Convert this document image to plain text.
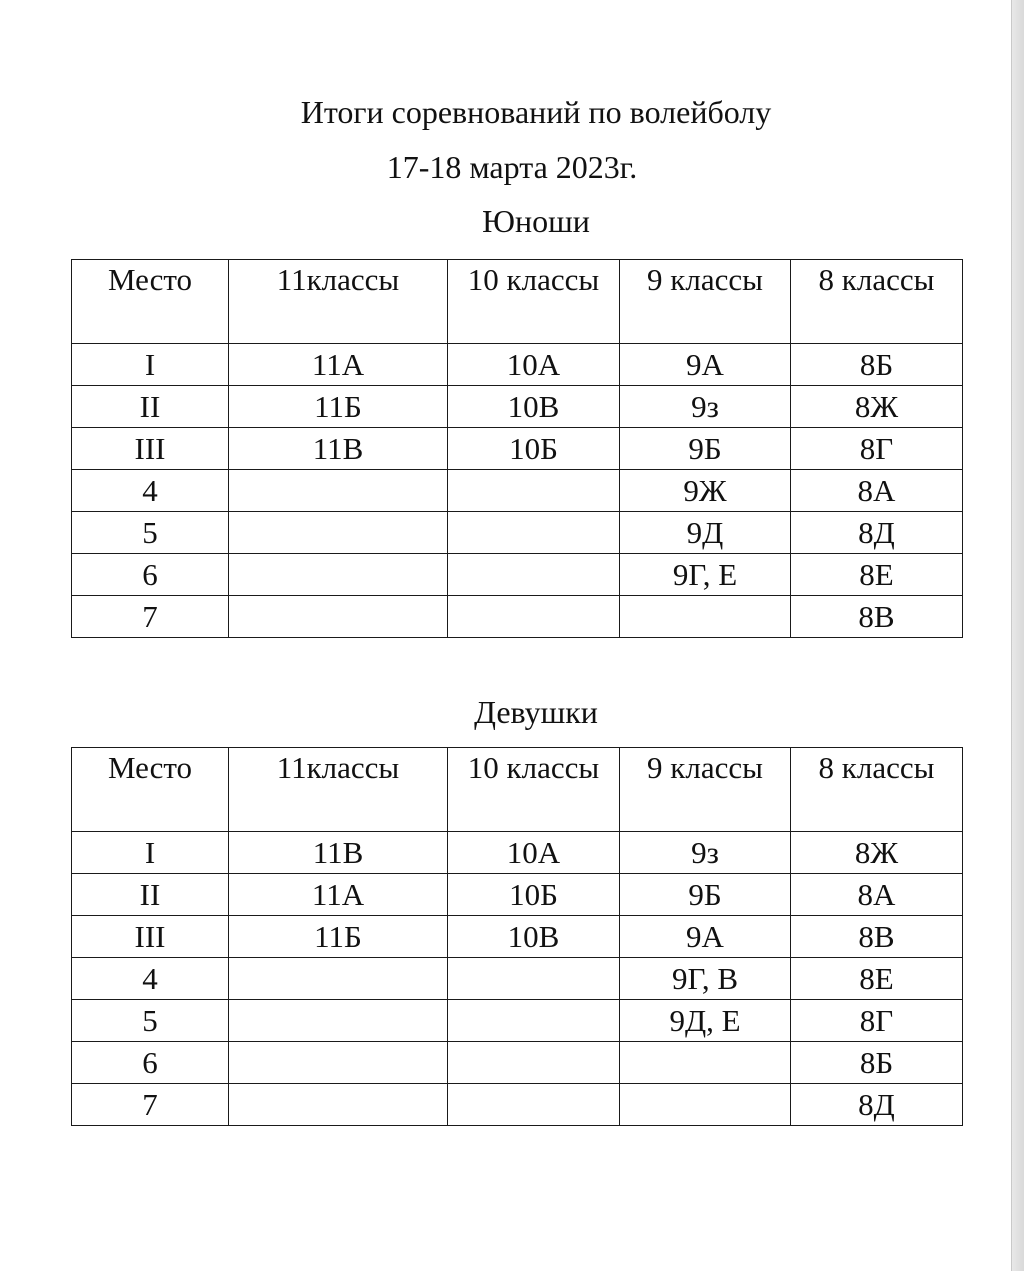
Итоги соревнований по волейболу
17-18 марта 2023г.
Юноши
Место	11классы	10 классы	9 классы	8 классы
I	11А	10А	9А	8Б
II	11Б	10В	9з	8Ж
III	11В	10Б	9Б	8Г
4			9Ж	8А
5			9Д	8Д
6			9Г, Е	8Е
7				8В
Девушки
Место	11классы	10 классы	9 классы	8 классы
I	11В	10А	9з	8Ж
II	11А	10Б	9Б	8А
III	11Б	10В	9А	8В
4			9Г, В	8Е
5			9Д, Е	8Г
6				8Б
7				8Д
